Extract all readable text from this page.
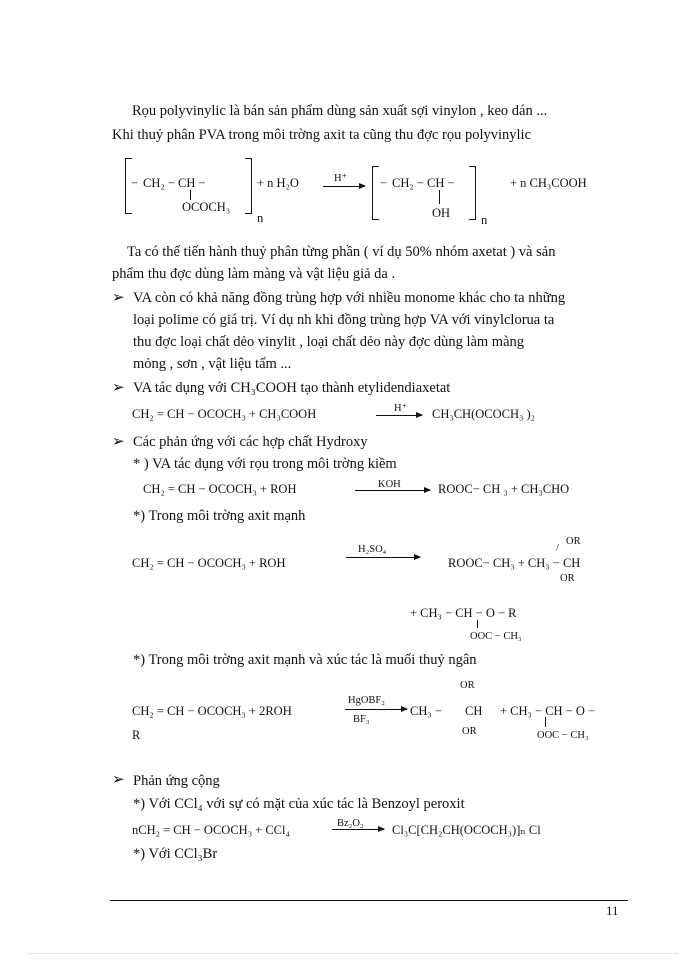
Rọu polyvinylic là bán sản phẩm dùng sản xuất sợi vinylon , keo dán ...
Khi thuỷ phân PVA trong môi trờng axit ta cũng thu đợc rọu polyvinylic
− CH₂ − CH −
OCOCH₃
n
+ n H₂O	H⁺ → − CH₂ − CH −
OH n
+ n CH₃COOH
Ta có thể tiến hành thuỷ phân từng phần ( ví dụ 50% nhóm axetat ) và sản
phẩm thu đợc dùng làm màng và vật liệu giả da .
➢ VA còn có khả năng đồng trùng hợp với nhiều monome khác cho ta những
loại polime có giá trị. Ví dụ nh khi đồng trùng hợp VA với vinylclorua ta
thu đợc loại chất dẻo vinylit , loại chất dẻo này đợc dùng làm màng
mỏng , sơn , vật liệu tấm ...
➢ VA tác dụng với CH₃COOH tạo thành etylidendiaxetat
CH₂ = CH − OCOCH₃ + CH₃COOH	H⁺ CH₃CH(OCOCH₃ )₂
➢ Các phản ứng với các hợp chất Hydroxy
* ) VA tác dụng với rọu trong môi trờng kiềm
CH₂ = CH − OCOCH₃ + ROH	KOH	ROOC− CH ₃ + CH₃CHO
*) Trong môi trờng axit mạnh
CH₂ = CH − OCOCH₃ + ROH
H₂SO₄
ROOC− CH₃ + CH₃ − CH
OR
/
OR
+ CH₃ − CH − O − R
OOC − CH₃
*) Trong môi trờng axit mạnh và xúc tác là muối thuỷ ngân
CH₂ = CH − OCOCH₃ + 2ROH
HgOBF₂
BF₃
CH₃ − CH
OR
OR
+ CH₃ − CH − O −
OOC − CH₃
R
➢ Phản ứng cộng
*) Với CCl₄ với sự có mặt của xúc tác là Benzoyl peroxit
nCH₂ = CH − OCOCH₃ + CCl₄	Bz₂O₂ Cl₃C[CH₂CH(OCOCH₃)]ₙ Cl
*) Với CCl₃Br
11
